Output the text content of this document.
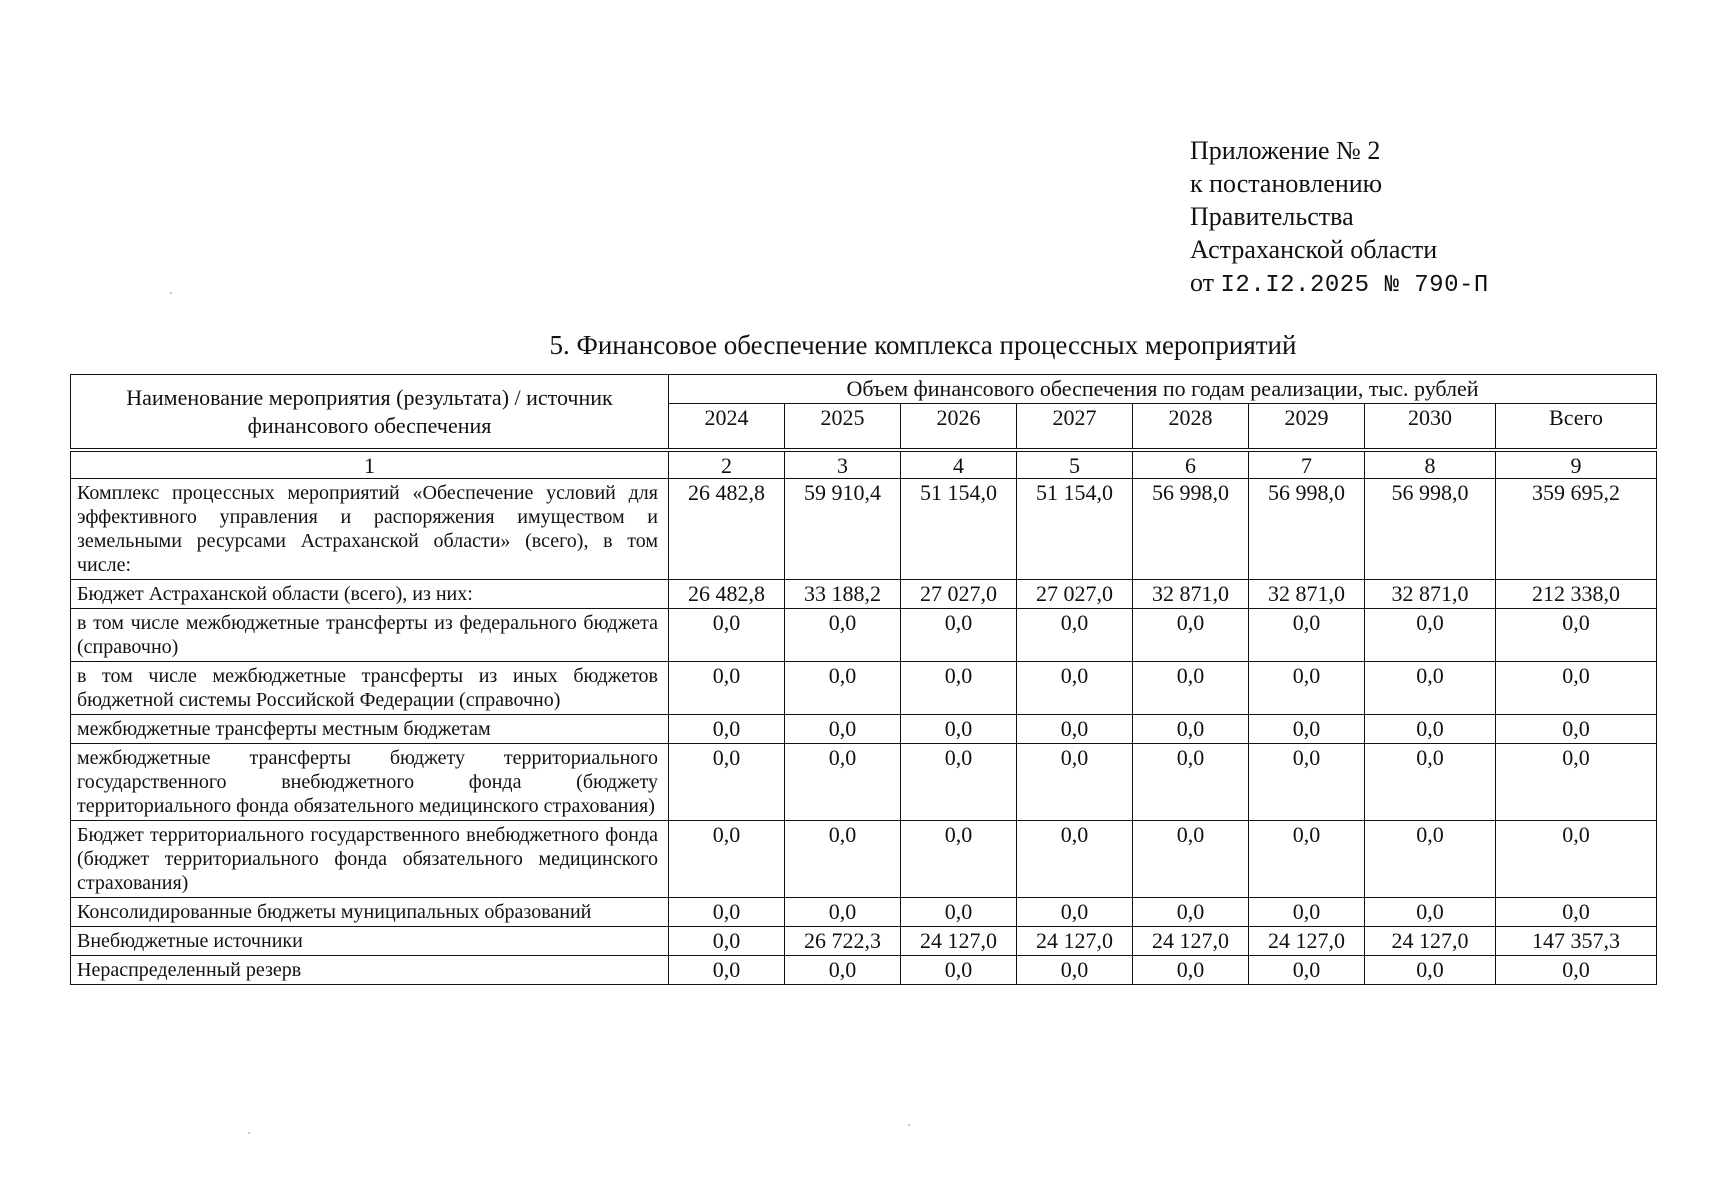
Приложение № 2
к постановлению
Правительства
Астраханской области
от I2.I2.2025 № 790-П
5. Финансовое обеспечение комплекса процессных мероприятий
Наименование мероприятия (результата) / источник финансового обеспечения	Объем финансового обеспечения по годам реализации, тыс. рублей							
	2024	2025	2026	2027	2028	2029	2030	Всего

1	2	3	4	5	6	7	8	9
Комплекс процессных мероприятий «Обеспечение условий для эффективного управления и распоряжения имуществом и земельными ресурсами Астраханской области» (всего), в том числе:	26 482,8	59 910,4	51 154,0	51 154,0	56 998,0	56 998,0	56 998,0	359 695,2
Бюджет Астраханской области (всего), из них:	26 482,8	33 188,2	27 027,0	27 027,0	32 871,0	32 871,0	32 871,0	212 338,0
в том числе межбюджетные трансферты из федерального бюджета (справочно)	0,0	0,0	0,0	0,0	0,0	0,0	0,0	0,0
в том числе межбюджетные трансферты из иных бюджетов бюджетной системы Российской Федерации (справочно)	0,0	0,0	0,0	0,0	0,0	0,0	0,0	0,0
межбюджетные трансферты местным бюджетам	0,0	0,0	0,0	0,0	0,0	0,0	0,0	0,0
межбюджетные трансферты бюджету территориального государственного внебюджетного фонда (бюджету территориального фонда обязательного медицинского страхования)	0,0	0,0	0,0	0,0	0,0	0,0	0,0	0,0
Бюджет территориального государственного внебюджетного фонда (бюджет территориального фонда обязательного медицинского страхования)	0,0	0,0	0,0	0,0	0,0	0,0	0,0	0,0
Консолидированные бюджеты муниципальных образований	0,0	0,0	0,0	0,0	0,0	0,0	0,0	0,0
Внебюджетные источники	0,0	26 722,3	24 127,0	24 127,0	24 127,0	24 127,0	24 127,0	147 357,3
Нераспределенный резерв	0,0	0,0	0,0	0,0	0,0	0,0	0,0	0,0
